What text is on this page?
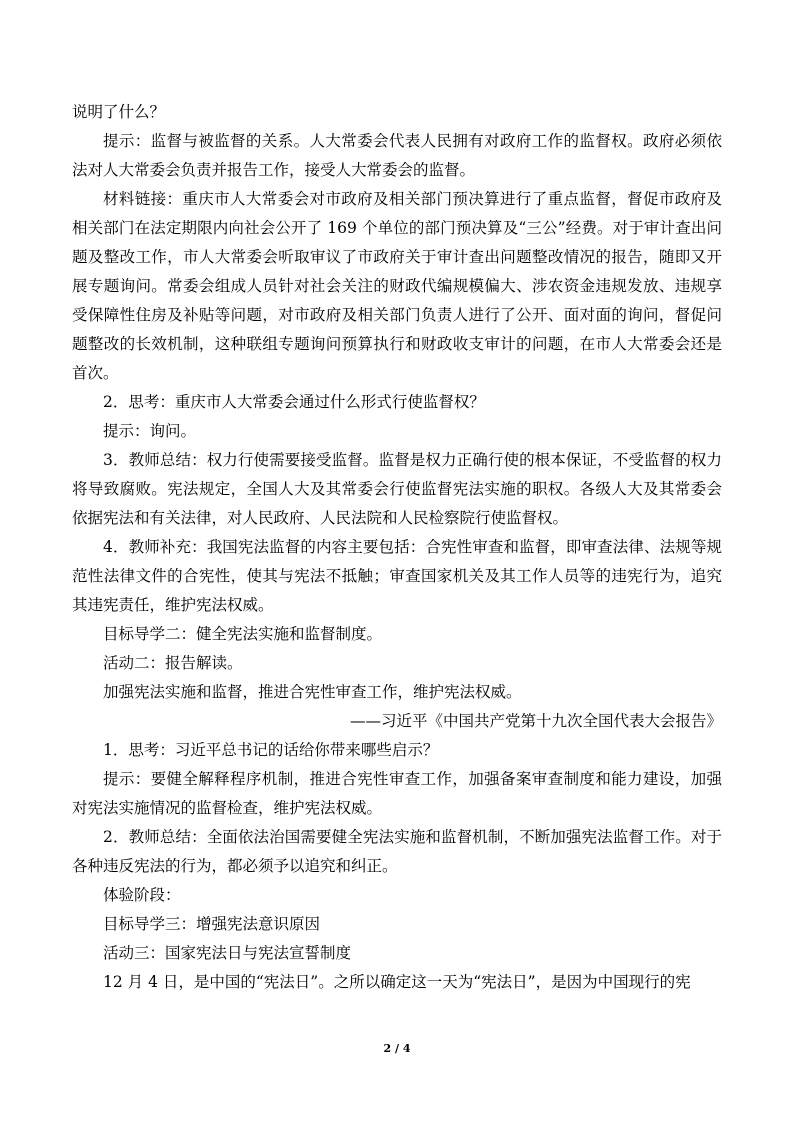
说明了什么？

提示：监督与被监督的关系。人大常委会代表人民拥有对政府工作的监督权。政府必须依法对人大常委会负责并报告工作，接受人大常委会的监督。

材料链接：重庆市人大常委会对市政府及相关部门预决算进行了重点监督，督促市政府及相关部门在法定期限内向社会公开了 169 个单位的部门预决算及“三公”经费。对于审计查出问题及整改工作，市人大常委会听取审议了市政府关于审计查出问题整改情况的报告，随即又开展专题询问。常委会组成人员针对社会关注的财政代编规模偏大、涉农资金违规发放、违规享受保障性住房及补贴等问题，对市政府及相关部门负责人进行了公开、面对面的询问，督促问题整改的长效机制，这种联组专题询问预算执行和财政收支审计的问题，在市人大常委会还是首次。

2．思考：重庆市人大常委会通过什么形式行使监督权？

提示：询问。

3．教师总结：权力行使需要接受监督。监督是权力正确行使的根本保证，不受监督的权力将导致腐败。宪法规定，全国人大及其常委会行使监督宪法实施的职权。各级人大及其常委会依据宪法和有关法律，对人民政府、人民法院和人民检察院行使监督权。

4．教师补充：我国宪法监督的内容主要包括：合宪性审查和监督，即审查法律、法规等规范性法律文件的合宪性，使其与宪法不抵触；审查国家机关及其工作人员等的违宪行为，追究其违宪责任，维护宪法权威。

目标导学二：健全宪法实施和监督制度。

活动二：报告解读。

加强宪法实施和监督，推进合宪性审查工作，维护宪法权威。

——习近平《中国共产党第十九次全国代表大会报告》

1．思考：习近平总书记的话给你带来哪些启示？

提示：要健全解释程序机制，推进合宪性审查工作，加强备案审查制度和能力建设，加强对宪法实施情况的监督检查，维护宪法权威。

2．教师总结：全面依法治国需要健全宪法实施和监督机制，不断加强宪法监督工作。对于各种违反宪法的行为，都必须予以追究和纠正。

体验阶段：

目标导学三：增强宪法意识原因

活动三：国家宪法日与宪法宣誓制度

12 月 4 日，是中国的“宪法日”。之所以确定这一天为“宪法日”，是因为中国现行的宪

2 / 4
